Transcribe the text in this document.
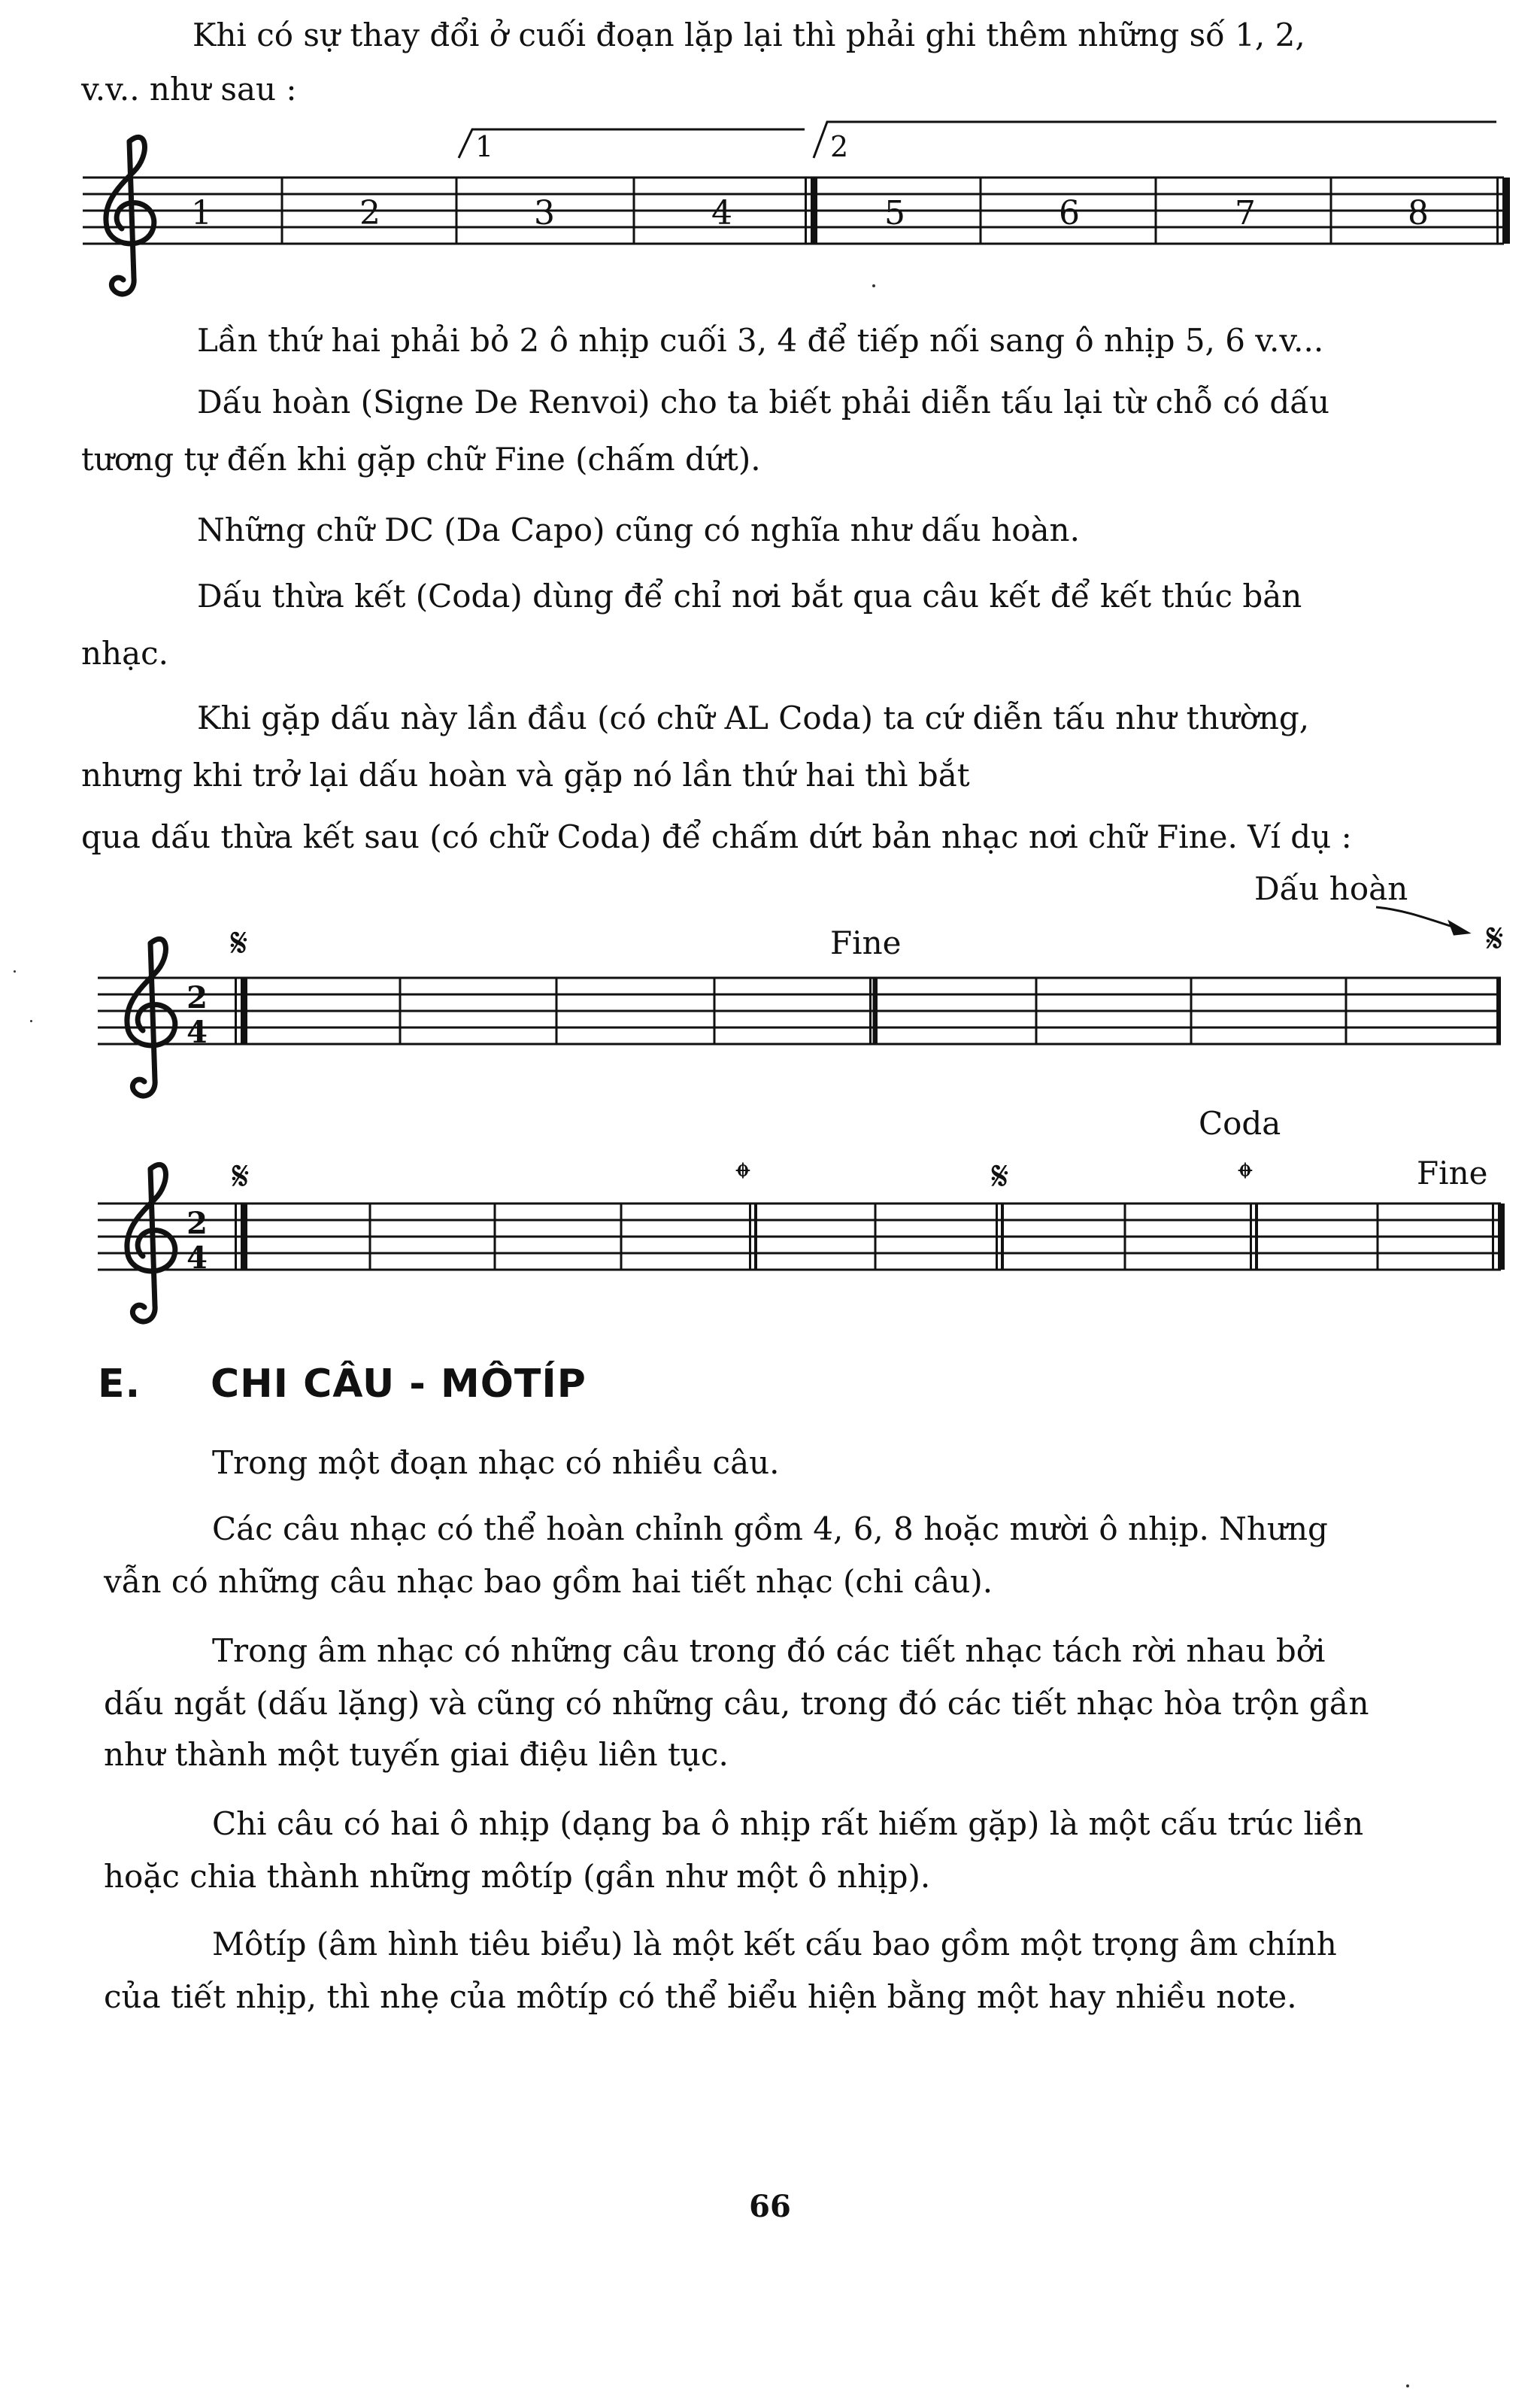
Khi có sự thay đổi ở cuối đoạn lặp lại thì phải ghi thêm những số 1, 2,

v.v.. như sau :

1	2	3	4	5	6	7	8
1	2
2
4
𝄋	𝄋
Fine
Dấu hoàn
2
4
𝄋	𝄌	𝄋	𝄌
Coda
Fine

Lần thứ hai phải bỏ 2 ô nhịp cuối 3, 4 để tiếp nối sang ô nhịp 5, 6 v.v...

Dấu hoàn (Signe De Renvoi) cho ta biết phải diễn tấu lại từ chỗ có dấu

tương tự đến khi gặp chữ Fine (chấm dứt).

Những chữ DC (Da Capo) cũng có nghĩa như dấu hoàn.

Dấu thừa kết (Coda) dùng để chỉ nơi bắt qua câu kết để kết thúc bản

nhạc.

Khi gặp dấu này lần đầu (có chữ AL Coda) ta cứ diễn tấu như thường,

nhưng khi trở lại dấu hoàn và gặp nó lần thứ hai thì bắt

qua dấu thừa kết sau (có chữ Coda) để chấm dứt bản nhạc nơi chữ Fine. Ví dụ :

E. CHI CÂU - MÔTÍP

Trong một đoạn nhạc có nhiều câu.

Các câu nhạc có thể hoàn chỉnh gồm 4, 6, 8 hoặc mười ô nhịp. Nhưng

vẫn có những câu nhạc bao gồm hai tiết nhạc (chi câu).

Trong âm nhạc có những câu trong đó các tiết nhạc tách rời nhau bởi

dấu ngắt (dấu lặng) và cũng có những câu, trong đó các tiết nhạc hòa trộn gần

như thành một tuyến giai điệu liên tục.

Chi câu có hai ô nhịp (dạng ba ô nhịp rất hiếm gặp) là một cấu trúc liền

hoặc chia thành những môtíp (gần như một ô nhịp).

Môtíp (âm hình tiêu biểu) là một kết cấu bao gồm một trọng âm chính

của tiết nhịp, thì nhẹ của môtíp có thể biểu hiện bằng một hay nhiều note.

66
